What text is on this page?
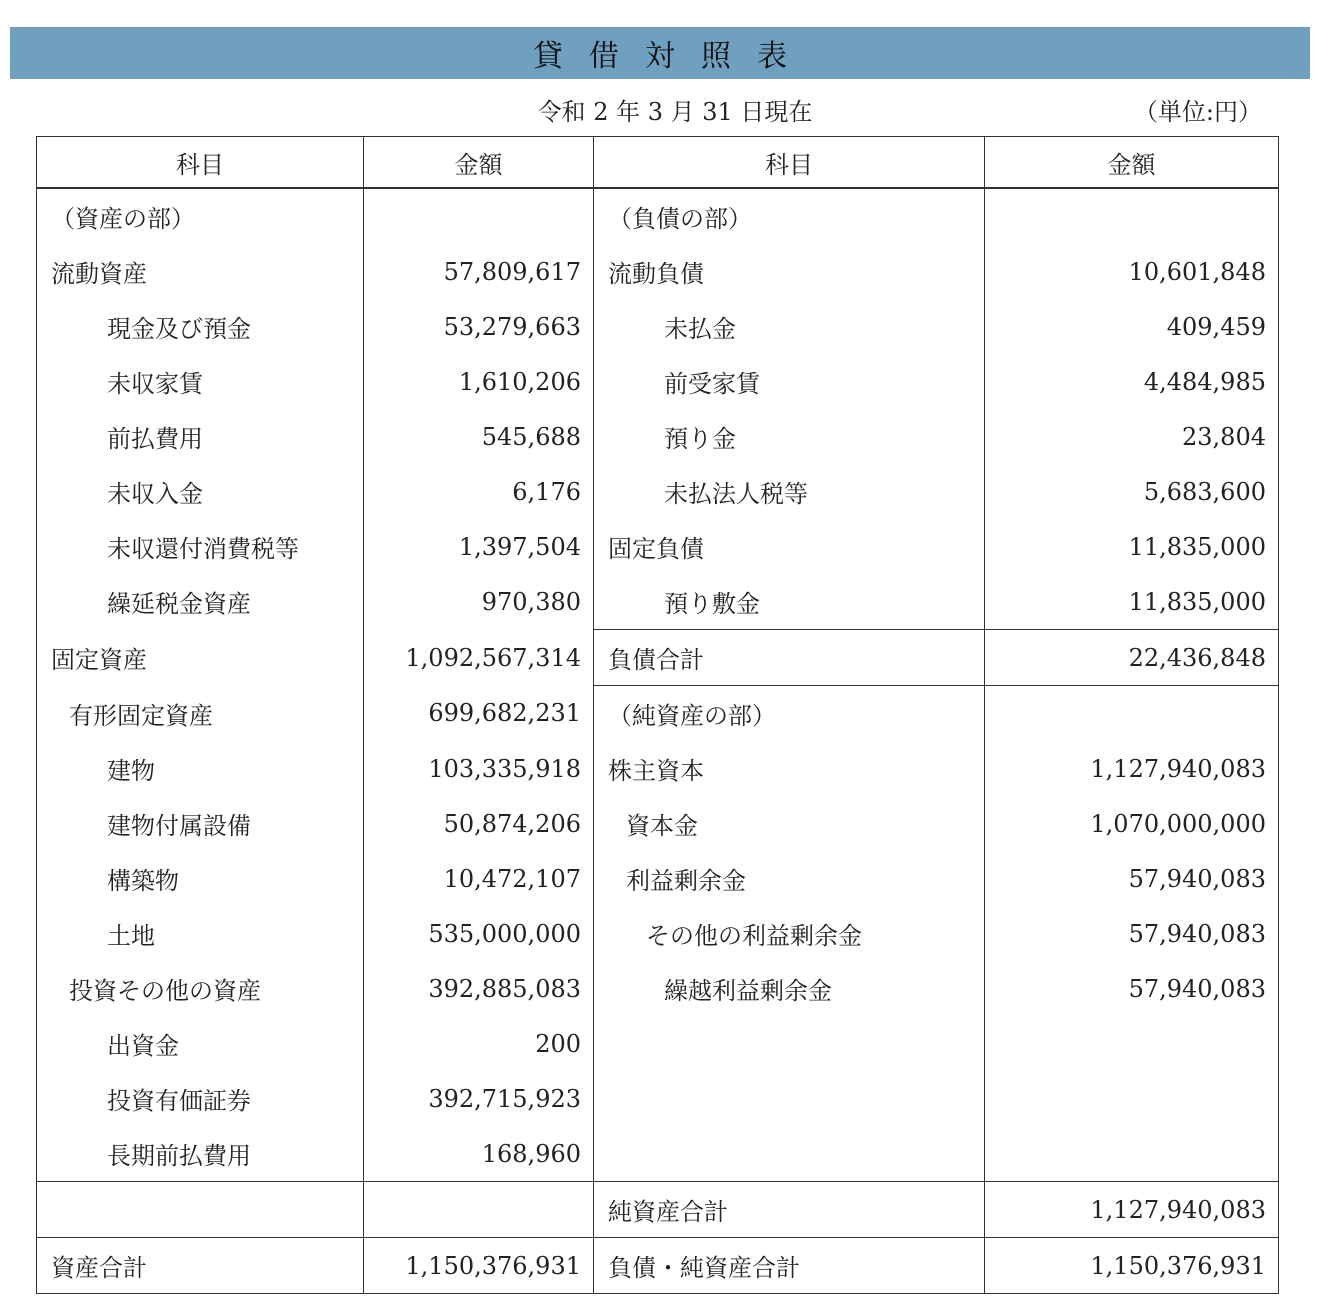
貸借対照表
令和 2 年 3 月 31 日現在	（単位:円）
科目	金額	科目	金額
（資産の部）		（負債の部）	
流動資産	57,809,617	流動負債	10,601,848
現金及び預金	53,279,663	未払金	409,459
未収家賃	1,610,206	前受家賃	4,484,985
前払費用	545,688	預り金	23,804
未収入金	6,176	未払法人税等	5,683,600
未収還付消費税等	1,397,504	固定負債	11,835,000
繰延税金資産	970,380	預り敷金	11,835,000
固定資産	1,092,567,314	負債合計	22,436,848
有形固定資産	699,682,231	（純資産の部）	
建物	103,335,918	株主資本	1,127,940,083
建物付属設備	50,874,206	資本金	1,070,000,000
構築物	10,472,107	利益剰余金	57,940,083
土地	535,000,000	その他の利益剰余金	57,940,083
投資その他の資産	392,885,083	繰越利益剰余金	57,940,083
出資金	200		
投資有価証券	392,715,923		
長期前払費用	168,960		
		純資産合計	1,127,940,083
資産合計	1,150,376,931	負債・純資産合計	1,150,376,931
